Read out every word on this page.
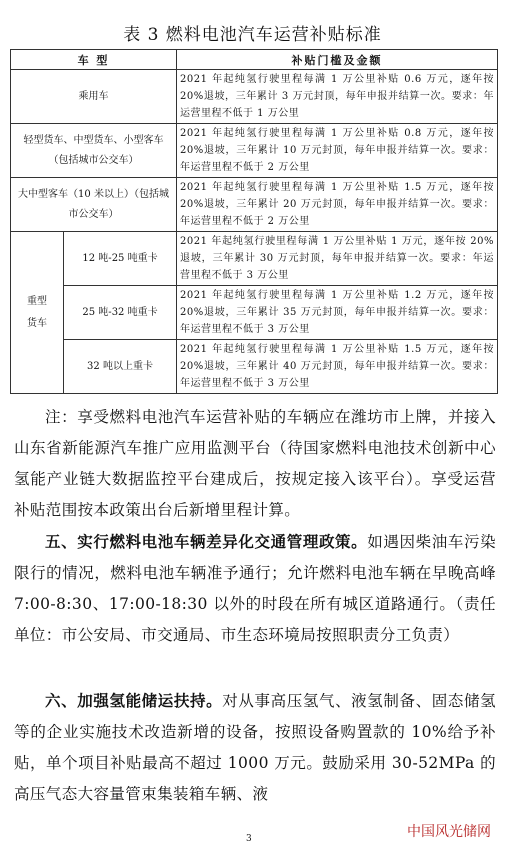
表 3 燃料电池汽车运营补贴标准
车 型		补贴门槛及金额
乘用车		2021 年起纯氢行驶里程每满 1 万公里补贴 0.6 万元，逐年按 20%退坡，三年累计 3 万元封顶，每年申报并结算一次。要求：年运营里程不低于 1 万公里
轻型货车、中型货车、小型客车（包括城市公交车）		2021 年起纯氢行驶里程每满 1 万公里补贴 0.8 万元，逐年按 20%退坡，三年累计 10 万元封顶，每年申报并结算一次。要求：年运营里程不低于 2 万公里
大中型客车（10 米以上）（包括城市公交车）		2021 年起纯氢行驶里程每满 1 万公里补贴 1.5 万元，逐年按 20%退坡，三年累计 20 万元封顶，每年申报并结算一次。要求：年运营里程不低于 2 万公里
重型货车	12 吨-25 吨重卡	2021 年起纯氢行驶里程每满 1 万公里补贴 1 万元，逐年按 20%退坡，三年累计 30 万元封顶，每年申报并结算一次。要求：年运营里程不低于 3 万公里
	25 吨-32 吨重卡	2021 年起纯氢行驶里程每满 1 万公里补贴 1.2 万元，逐年按 20%退坡，三年累计 35 万元封顶，每年申报并结算一次。要求：年运营里程不低于 3 万公里
	32 吨以上重卡	2021 年起纯氢行驶里程每满 1 万公里补贴 1.5 万元，逐年按 20%退坡，三年累计 40 万元封顶，每年申报并结算一次。要求：年运营里程不低于 3 万公里
注：享受燃料电池汽车运营补贴的车辆应在潍坊市上牌，并接入山东省新能源汽车推广应用监测平台（待国家燃料电池技术创新中心氢能产业链大数据监控平台建成后，按规定接入该平台）。享受运营补贴范围按本政策出台后新增里程计算。
五、实行燃料电池车辆差异化交通管理政策。如遇因柴油车污染限行的情况，燃料电池车辆准予通行；允许燃料电池车辆在早晚高峰 7:00-8:30、17:00-18:30 以外的时段在所有城区道路通行。（责任单位：市公安局、市交通局、市生态环境局按照职责分工负责）
六、加强氢能储运扶持。对从事高压氢气、液氢制备、固态储氢等的企业实施技术改造新增的设备，按照设备购置款的 10%给予补贴，单个项目补贴最高不超过 1000 万元。鼓励采用 30-52MPa 的高压气态大容量管束集装箱车辆、液
3	中国风光储网
